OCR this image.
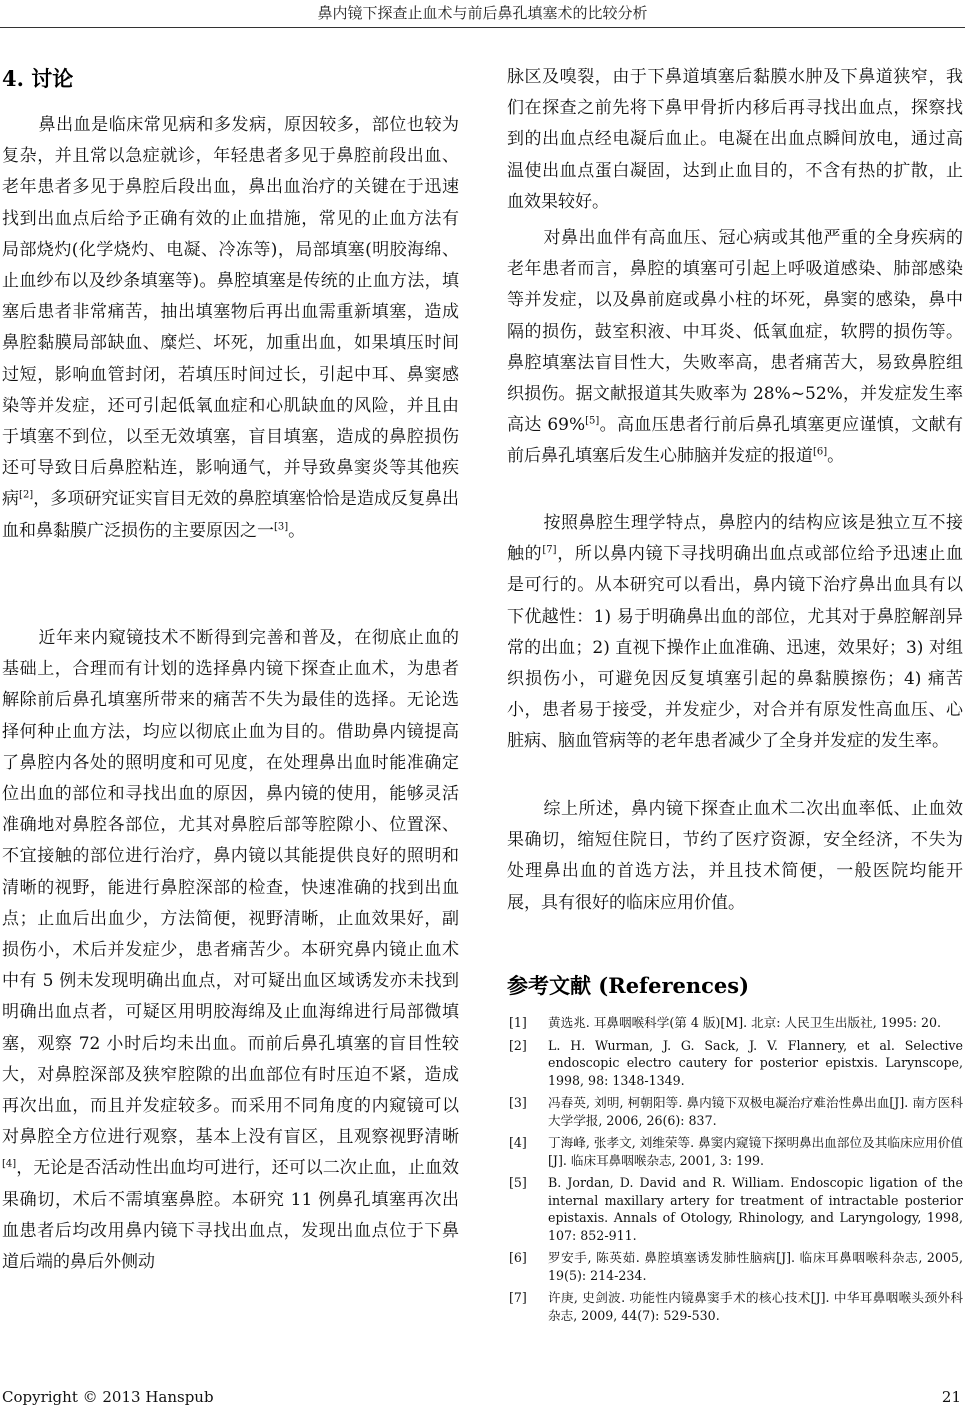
鼻内镜下探查止血术与前后鼻孔填塞术的比较分析
4. 讨论

鼻出血是临床常见病和多发病，原因较多，部位也较为复杂，并且常以急症就诊，年轻患者多见于鼻腔前段出血、老年患者多见于鼻腔后段出血，鼻出血治疗的关键在于迅速找到出血点后给予正确有效的止血措施，常见的止血方法有局部烧灼(化学烧灼、电凝、冷冻等)，局部填塞(明胶海绵、止血纱布以及纱条填塞等)。鼻腔填塞是传统的止血方法，填塞后患者非常痛苦，抽出填塞物后再出血需重新填塞，造成鼻腔黏膜局部缺血、糜烂、坏死，加重出血，如果填压时间过短，影响血管封闭，若填压时间过长，引起中耳、鼻窦感染等并发症，还可引起低氧血症和心肌缺血的风险，并且由于填塞不到位，以至无效填塞，盲目填塞，造成的鼻腔损伤还可导致日后鼻腔粘连，影响通气，并导致鼻窦炎等其他疾病[2]，多项研究证实盲目无效的鼻腔填塞恰恰是造成反复鼻出血和鼻黏膜广泛损伤的主要原因之一[3]。

近年来内窥镜技术不断得到完善和普及，在彻底止血的基础上，合理而有计划的选择鼻内镜下探查止血术，为患者解除前后鼻孔填塞所带来的痛苦不失为最佳的选择。无论选择何种止血方法，均应以彻底止血为目的。借助鼻内镜提高了鼻腔内各处的照明度和可见度，在处理鼻出血时能准确定位出血的部位和寻找出血的原因，鼻内镜的使用，能够灵活准确地对鼻腔各部位，尤其对鼻腔后部等腔隙小、位置深、不宜接触的部位进行治疗，鼻内镜以其能提供良好的照明和清晰的视野，能进行鼻腔深部的检查，快速准确的找到出血点；止血后出血少，方法简便，视野清晰，止血效果好，副损伤小，术后并发症少，患者痛苦少。本研究鼻内镜止血术中有 5 例未发现明确出血点，对可疑出血区域诱发亦未找到明确出血点者，可疑区用明胶海绵及止血海绵进行局部微填塞，观察 72 小时后均未出血。而前后鼻孔填塞的盲目性较大，对鼻腔深部及狭窄腔隙的出血部位有时压迫不紧，造成再次出血，而且并发症较多。而采用不同角度的内窥镜可以对鼻腔全方位进行观察，基本上没有盲区，且观察视野清晰[4]，无论是否活动性出血均可进行，还可以二次止血，止血效果确切，术后不需填塞鼻腔。本研究 11 例鼻孔填塞再次出血患者后均改用鼻内镜下寻找出血点，发现出血点位于下鼻道后端的鼻后外侧动

脉区及嗅裂，由于下鼻道填塞后黏膜水肿及下鼻道狭窄，我们在探查之前先将下鼻甲骨折内移后再寻找出血点，探察找到的出血点经电凝后血止。电凝在出血点瞬间放电，通过高温使出血点蛋白凝固，达到止血目的，不含有热的扩散，止血效果较好。

对鼻出血伴有高血压、冠心病或其他严重的全身疾病的老年患者而言，鼻腔的填塞可引起上呼吸道感染、肺部感染等并发症，以及鼻前庭或鼻小柱的坏死，鼻窦的感染，鼻中隔的损伤，鼓室积液、中耳炎、低氧血症，软腭的损伤等。鼻腔填塞法盲目性大，失败率高，患者痛苦大，易致鼻腔组织损伤。据文献报道其失败率为 28%~52%，并发症发生率高达 69%[5]。高血压患者行前后鼻孔填塞更应谨慎，文献有前后鼻孔填塞后发生心肺脑并发症的报道[6]。

按照鼻腔生理学特点，鼻腔内的结构应该是独立互不接触的[7]，所以鼻内镜下寻找明确出血点或部位给予迅速止血是可行的。从本研究可以看出，鼻内镜下治疗鼻出血具有以下优越性：1) 易于明确鼻出血的部位，尤其对于鼻腔解剖异常的出血；2) 直视下操作止血准确、迅速，效果好；3) 对组织损伤小，可避免因反复填塞引起的鼻黏膜擦伤；4) 痛苦小，患者易于接受，并发症少，对合并有原发性高血压、心脏病、脑血管病等的老年患者减少了全身并发症的发生率。

综上所述，鼻内镜下探查止血术二次出血率低、止血效果确切，缩短住院日，节约了医疗资源，安全经济，不失为处理鼻出血的首选方法，并且技术简便，一般医院均能开展，具有很好的临床应用价值。

参考文献 (References)
[1] 黄选兆. 耳鼻咽喉科学(第 4 版)[M]. 北京: 人民卫生出版社, 1995: 20.
[2] L. H. Wurman, J. G. Sack, J. V. Flannery, et al. Selective endoscopic electro cautery for posterior epistxis. Larynscope, 1998, 98: 1348-1349.
[3] 冯春英, 刘明, 柯朝阳等. 鼻内镜下双极电凝治疗难治性鼻出血[J]. 南方医科大学学报, 2006, 26(6): 837.
[4] 丁海峰, 张孝文, 刘维荣等. 鼻窦内窥镜下探明鼻出血部位及其临床应用价值[J]. 临床耳鼻咽喉杂志, 2001, 3: 199.
[5] B. Jordan, D. David and R. William. Endoscopic ligation of the internal maxillary artery for treatment of intractable posterior epistaxis. Annals of Otology, Rhinology, and Laryngology, 1998, 107: 852-911.
[6] 罗安手, 陈英茹. 鼻腔填塞诱发肺性脑病[J]. 临床耳鼻咽喉科杂志, 2005, 19(5): 214-234.
[7] 许庚, 史剑波. 功能性内镜鼻窦手术的核心技术[J]. 中华耳鼻咽喉头颈外科杂志, 2009, 44(7): 529-530.
Copyright © 2013 Hanspub	21
